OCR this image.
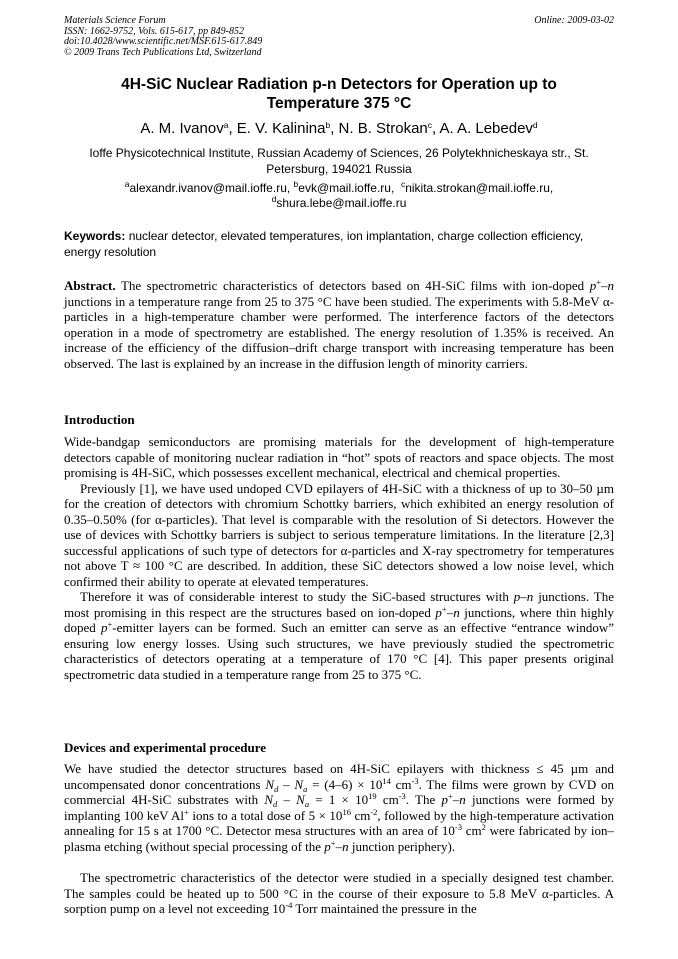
Materials Science Forum
ISSN: 1662-9752, Vols. 615-617, pp 849-852
doi:10.4028/www.scientific.net/MSF.615-617.849
© 2009 Trans Tech Publications Ltd, Switzerland
Online: 2009-03-02
4H-SiC Nuclear Radiation p-n Detectors for Operation up to
Temperature 375 °C
A. M. Ivanov$^a$, E. V. Kalinina$^b$, N. B. Strokan$^c$, A. A. Lebedev$^d$
Ioffe Physicotechnical Institute, Russian Academy of Sciences, 26 Polytekhnicheskaya str., St.
Petersburg, 194021 Russia
$^a$alexandr.ivanov@mail.ioffe.ru, $^b$evk@mail.ioffe.ru, $^c$nikita.strokan@mail.ioffe.ru,
$^d$shura.lebe@mail.ioffe.ru
Keywords: nuclear detector, elevated temperatures, ion implantation, charge collection efficiency, energy resolution

Abstract. The spectrometric characteristics of detectors based on 4H-SiC films with ion-doped p+–n junctions in a temperature range from 25 to 375 °C have been studied. The experiments with 5.8-MeV α-particles in a high-temperature chamber were performed. The interference factors of the detectors operation in a mode of spectrometry are established. The energy resolution of 1.35% is received. An increase of the efficiency of the diffusion–drift charge transport with increasing temperature has been observed. The last is explained by an increase in the diffusion length of minority carriers.

Introduction

Wide-bandgap semiconductors are promising materials for the development of high-temperature detectors capable of monitoring nuclear radiation in “hot” spots of reactors and space objects. The most promising is 4H-SiC, which possesses excellent mechanical, electrical and chemical properties.

Previously [1], we have used undoped CVD epilayers of 4H-SiC with a thickness of up to 30–50 µm for the creation of detectors with chromium Schottky barriers, which exhibited an energy resolution of 0.35–0.50% (for α-particles). That level is comparable with the resolution of Si detectors. However the use of devices with Schottky barriers is subject to serious temperature limitations. In the literature [2,3] successful applications of such type of detectors for α-particles and X-ray spectrometry for temperatures not above T ≈ 100 °C are described. In addition, these SiC detectors showed a low noise level, which confirmed their ability to operate at elevated temperatures.

Therefore it was of considerable interest to study the SiC-based structures with p–n junctions. The most promising in this respect are the structures based on ion-doped p+–n junctions, where thin highly doped p+-emitter layers can be formed. Such an emitter can serve as an effective “entrance window” ensuring low energy losses. Using such structures, we have previously studied the spectrometric characteristics of detectors operating at a temperature of 170 °C [4]. This paper presents original spectrometric data studied in a temperature range from 25 to 375 °C.

Devices and experimental procedure

We have studied the detector structures based on 4H-SiC epilayers with thickness ≤ 45 µm and uncompensated donor concentrations $N_d - N_a = (4-6) \times 10^{14}$ $cm^{-3}$. The films were grown by CVD on commercial 4H-SiC substrates with $N_d - N_a = 1 \times 10^{19}$ $cm^{-3}$. The p+–n junctions were formed by implanting 100 keV Al+ ions to a total dose of $5 \times 10^{16}$ $cm^{-2}$, followed by the high-temperature activation annealing for 15 s at 1700 °C. Detector mesa structures with an area of $10^{-3}$ $cm^2$ were fabricated by ion–plasma etching (without special processing of the p+–n junction periphery).

The spectrometric characteristics of the detector were studied in a specially designed test chamber. The samples could be heated up to 500 °C in the course of their exposure to 5.8 MeV α-particles. A sorption pump on a level not exceeding $10^{-4}$ Torr maintained the pressure in the
